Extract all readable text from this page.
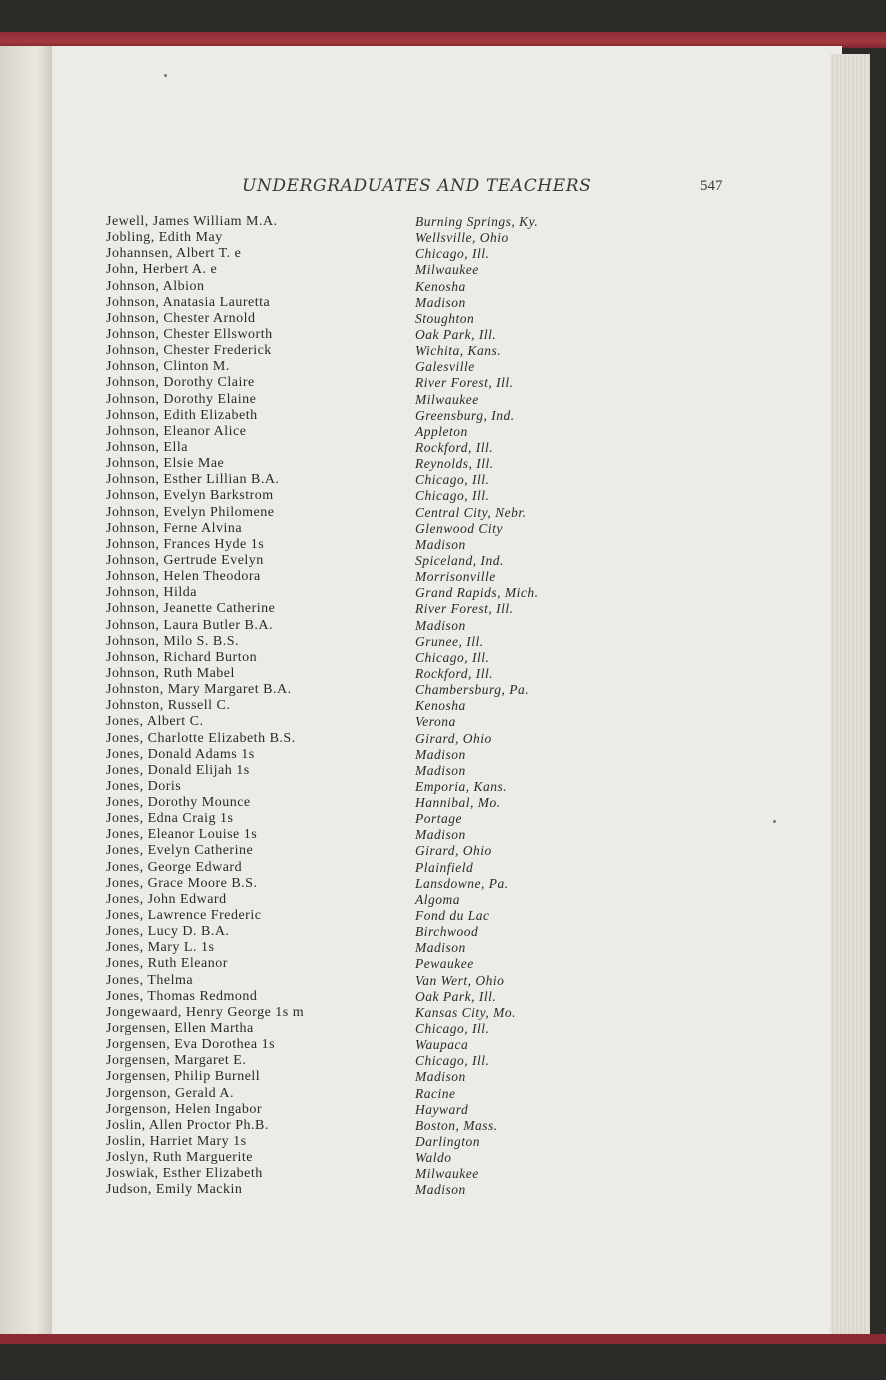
UNDERGRADUATES AND TEACHERS	547
Jewell, James William M.A.	Burning Springs, Ky.
Jobling, Edith May	Wellsville, Ohio
Johannsen, Albert T. e	Chicago, Ill.
John, Herbert A. e	Milwaukee
Johnson, Albion	Kenosha
Johnson, Anatasia Lauretta	Madison
Johnson, Chester Arnold	Stoughton
Johnson, Chester Ellsworth	Oak Park, Ill.
Johnson, Chester Frederick	Wichita, Kans.
Johnson, Clinton M.	Galesville
Johnson, Dorothy Claire	River Forest, Ill.
Johnson, Dorothy Elaine	Milwaukee
Johnson, Edith Elizabeth	Greensburg, Ind.
Johnson, Eleanor Alice	Appleton
Johnson, Ella	Rockford, Ill.
Johnson, Elsie Mae	Reynolds, Ill.
Johnson, Esther Lillian B.A.	Chicago, Ill.
Johnson, Evelyn Barkstrom	Chicago, Ill.
Johnson, Evelyn Philomene	Central City, Nebr.
Johnson, Ferne Alvina	Glenwood City
Johnson, Frances Hyde 1s	Madison
Johnson, Gertrude Evelyn	Spiceland, Ind.
Johnson, Helen Theodora	Morrisonville
Johnson, Hilda	Grand Rapids, Mich.
Johnson, Jeanette Catherine	River Forest, Ill.
Johnson, Laura Butler B.A.	Madison
Johnson, Milo S. B.S.	Grunee, Ill.
Johnson, Richard Burton	Chicago, Ill.
Johnson, Ruth Mabel	Rockford, Ill.
Johnston, Mary Margaret B.A.	Chambersburg, Pa.
Johnston, Russell C.	Kenosha
Jones, Albert C.	Verona
Jones, Charlotte Elizabeth B.S.	Girard, Ohio
Jones, Donald Adams 1s	Madison
Jones, Donald Elijah 1s	Madison
Jones, Doris	Emporia, Kans.
Jones, Dorothy Mounce	Hannibal, Mo.
Jones, Edna Craig 1s	Portage
Jones, Eleanor Louise 1s	Madison
Jones, Evelyn Catherine	Girard, Ohio
Jones, George Edward	Plainfield
Jones, Grace Moore B.S.	Lansdowne, Pa.
Jones, John Edward	Algoma
Jones, Lawrence Frederic	Fond du Lac
Jones, Lucy D. B.A.	Birchwood
Jones, Mary L. 1s	Madison
Jones, Ruth Eleanor	Pewaukee
Jones, Thelma	Van Wert, Ohio
Jones, Thomas Redmond	Oak Park, Ill.
Jongewaard, Henry George 1s m	Kansas City, Mo.
Jorgensen, Ellen Martha	Chicago, Ill.
Jorgensen, Eva Dorothea 1s	Waupaca
Jorgensen, Margaret E.	Chicago, Ill.
Jorgensen, Philip Burnell	Madison
Jorgenson, Gerald A.	Racine
Jorgenson, Helen Ingabor	Hayward
Joslin, Allen Proctor Ph.B.	Boston, Mass.
Joslin, Harriet Mary 1s	Darlington
Joslyn, Ruth Marguerite	Waldo
Joswiak, Esther Elizabeth	Milwaukee
Judson, Emily Mackin	Madison
